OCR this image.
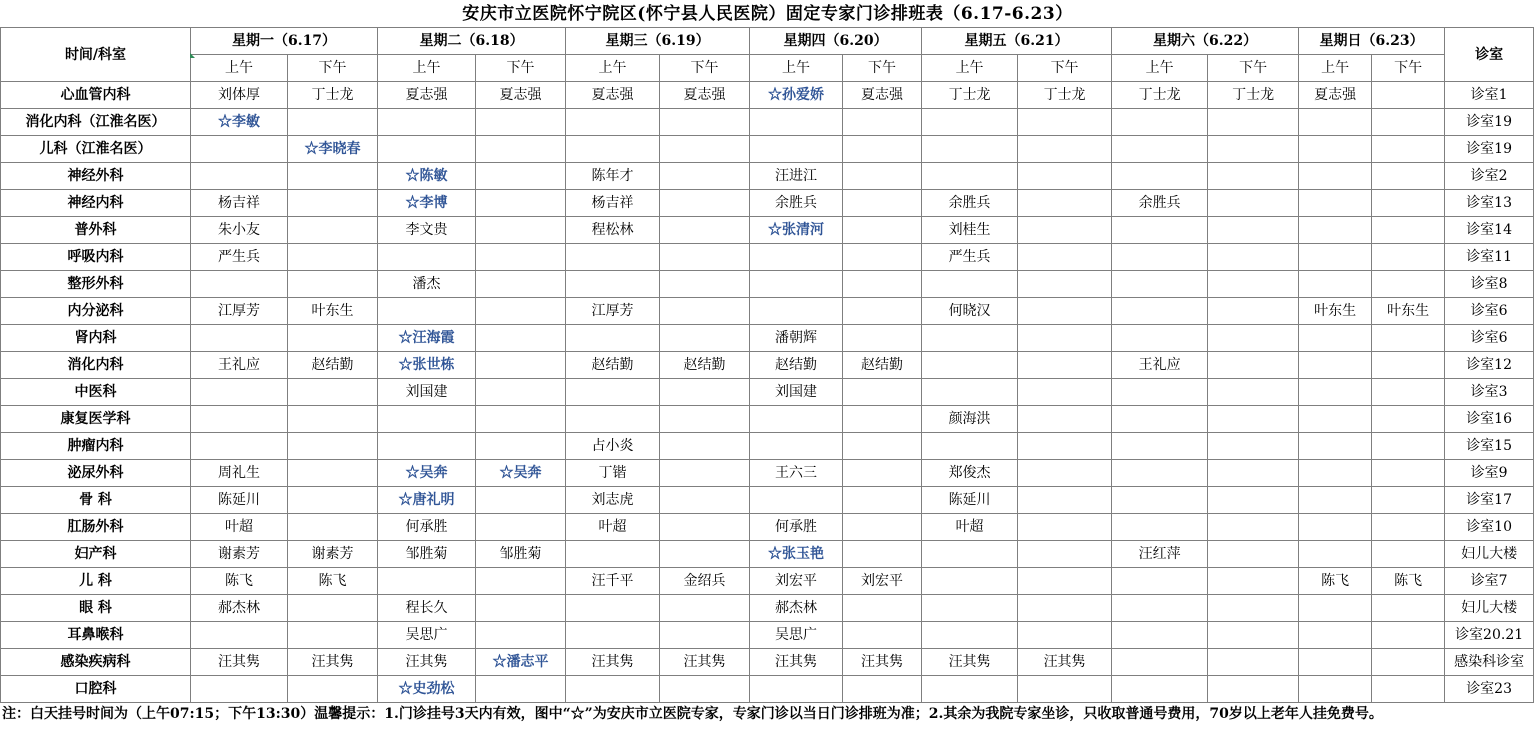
安庆市立医院怀宁院区(怀宁县人民医院）固定专家门诊排班表（6.17-6.23）
时间/科室	星期一（6.17）		星期二（6.18）		星期三（6.19）		星期四（6.20）		星期五（6.21）		星期六（6.22）		星期日（6.23）		诊室
	上午	下午	上午	下午	上午	下午	上午	下午	上午	下午	上午	下午	上午	下午	
心血管内科	刘体厚	丁士龙	夏志强	夏志强	夏志强	夏志强	☆孙爱娇	夏志强	丁士龙	丁士龙	丁士龙	丁士龙	夏志强		诊室1
消化内科（江淮名医）	☆李敏														诊室19
儿科（江淮名医）		☆李晓春													诊室19
神经外科			☆陈敏		陈年才		汪进江								诊室2
神经内科	杨吉祥		☆李博		杨吉祥		余胜兵		余胜兵		余胜兵				诊室13
普外科	朱小友		李文贵		程松林		☆张清河		刘桂生						诊室14
呼吸内科	严生兵								严生兵						诊室11
整形外科			潘杰												诊室8
内分泌科	江厚芳	叶东生			江厚芳				何晓汉				叶东生	叶东生	诊室6
肾内科			☆汪海霞				潘朝辉								诊室6
消化内科	王礼应	赵结勤	☆张世栋		赵结勤	赵结勤	赵结勤	赵结勤			王礼应				诊室12
中医科			刘国建				刘国建								诊室3
康复医学科									颜海洪						诊室16
肿瘤内科					占小炎										诊室15
泌尿外科	周礼生		☆吴奔	☆吴奔	丁锴		王六三		郑俊杰						诊室9
骨 科	陈延川		☆唐礼明		刘志虎				陈延川						诊室17
肛肠外科	叶超		何承胜		叶超		何承胜		叶超						诊室10
妇产科	谢素芳	谢素芳	邹胜菊	邹胜菊			☆张玉艳				汪红萍				妇儿大楼
儿 科	陈飞	陈飞			汪千平	金绍兵	刘宏平	刘宏平					陈飞	陈飞	诊室7
眼 科	郝杰林		程长久				郝杰林								妇儿大楼
耳鼻喉科			吴思广				吴思广								诊室20.21
感染疾病科	汪其隽	汪其隽	汪其隽	☆潘志平	汪其隽	汪其隽	汪其隽	汪其隽	汪其隽	汪其隽					感染科诊室
口腔科			☆史劲松												诊室23
注：白天挂号时间为（上午07:15；下午13:30）温馨提示：1.门诊挂号3天内有效，图中“☆”为安庆市立医院专家，专家门诊以当日门诊排班为准；2.其余为我院专家坐诊，只收取普通号费用，70岁以上老年人挂免费号。
